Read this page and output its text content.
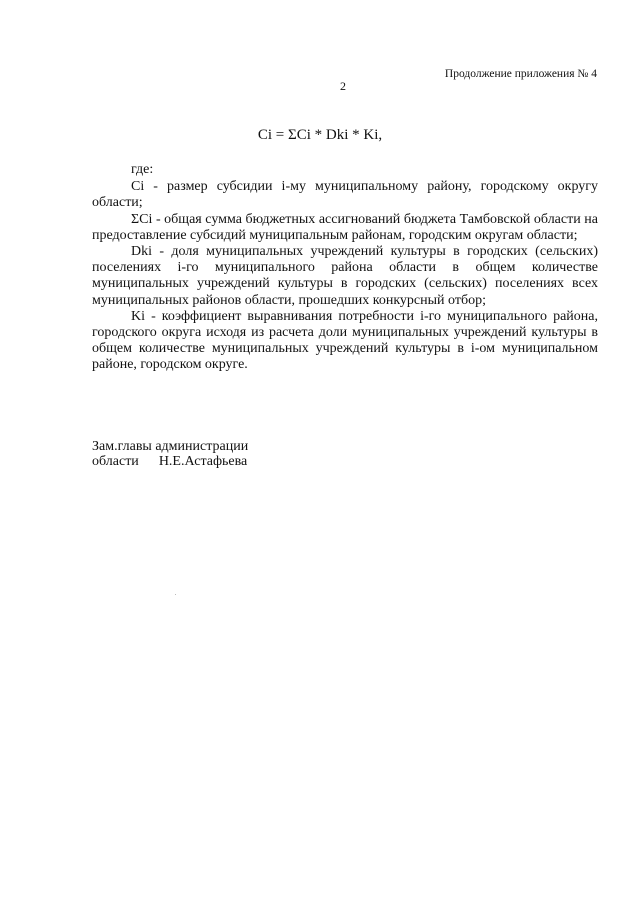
Продолжение приложения № 4
2
Ci = ΣCi * Dki * Ki,

где:

Ci - размер субсидии i-му муниципальному району, городскому округу области;

ΣCi - общая сумма бюджетных ассигнований бюджета Тамбовской области на предоставление субсидий муниципальным районам, городским округам области;

Dki - доля муниципальных учреждений культуры в городских (сельских) поселениях i-го муниципального района области в общем количестве муниципальных учреждений культуры в городских (сельских) поселениях всех муниципальных районов области, прошедших конкурсный отбор;

Ki - коэффициент выравнивания потребности i-го муниципального района, городского округа исходя из расчета доли муниципальных учреждений культуры в общем количестве муниципальных учреждений культуры в i-ом муниципальном районе, городском округе.

Зам.главы администрации
области Н.Е.Астафьева
